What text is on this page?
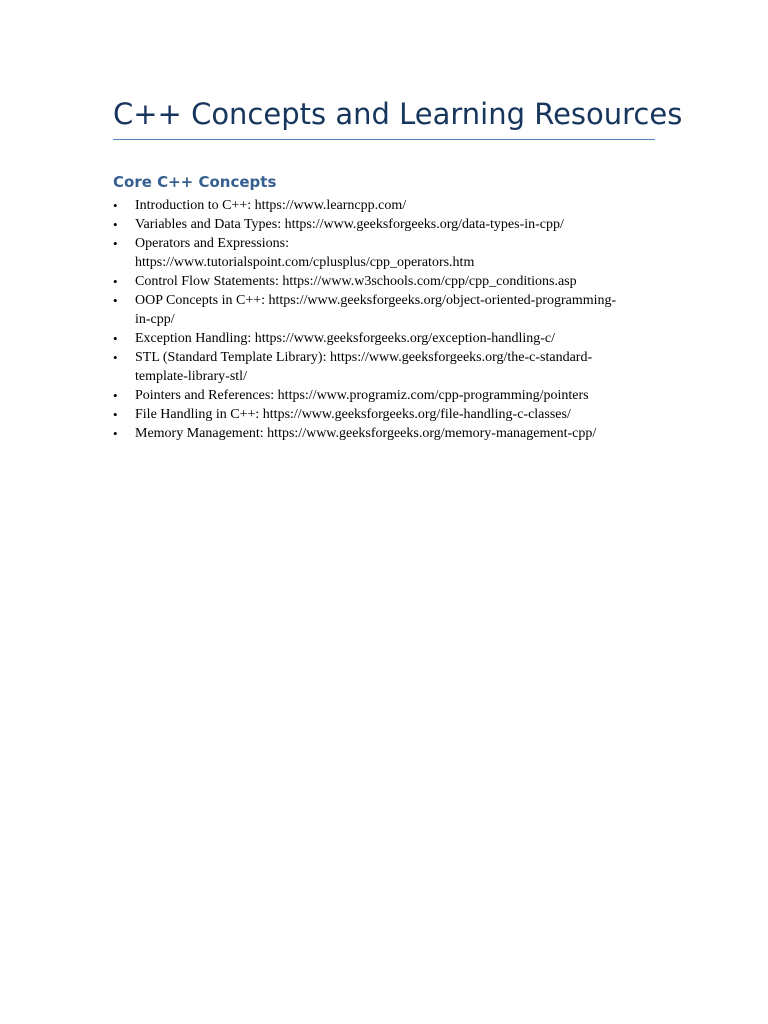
C++ Concepts and Learning Resources
Core C++ Concepts
• Introduction to C++: https://www.learncpp.com/
• Variables and Data Types: https://www.geeksforgeeks.org/data-types-in-cpp/
• Operators and Expressions:
https://www.tutorialspoint.com/cplusplus/cpp_operators.htm
• Control Flow Statements: https://www.w3schools.com/cpp/cpp_conditions.asp
• OOP Concepts in C++: https://www.geeksforgeeks.org/object-oriented-programming-
in-cpp/
• Exception Handling: https://www.geeksforgeeks.org/exception-handling-c/
• STL (Standard Template Library): https://www.geeksforgeeks.org/the-c-standard-
template-library-stl/
• Pointers and References: https://www.programiz.com/cpp-programming/pointers
• File Handling in C++: https://www.geeksforgeeks.org/file-handling-c-classes/
• Memory Management: https://www.geeksforgeeks.org/memory-management-cpp/
